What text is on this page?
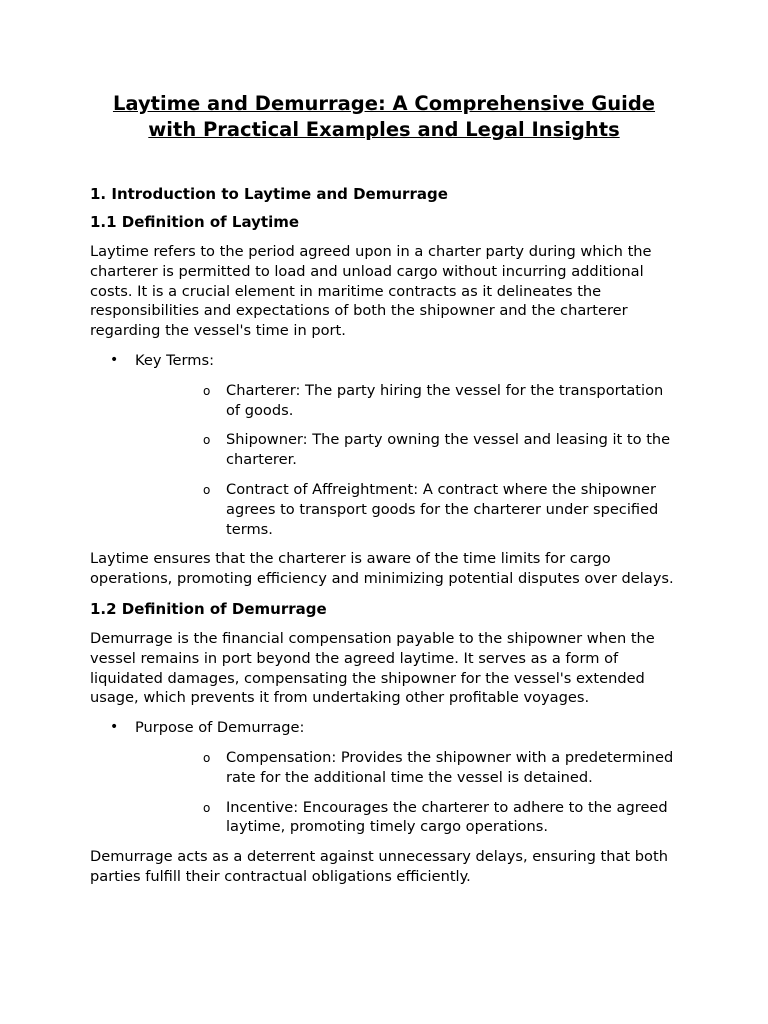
Laytime and Demurrage: A Comprehensive Guide with Practical Examples and Legal Insights
1. Introduction to Laytime and Demurrage
1.1 Definition of Laytime

Laytime refers to the period agreed upon in a charter party during which the charterer is permitted to load and unload cargo without incurring additional costs. It is a crucial element in maritime contracts as it delineates the responsibilities and expectations of both the shipowner and the charterer regarding the vessel's time in port.

• Key Terms:
o Charterer: The party hiring the vessel for the transportation of goods.
o Shipowner: The party owning the vessel and leasing it to the charterer.
o Contract of Affreightment: A contract where the shipowner agrees to transport goods for the charterer under specified terms.

Laytime ensures that the charterer is aware of the time limits for cargo operations, promoting efficiency and minimizing potential disputes over delays.

1.2 Definition of Demurrage

Demurrage is the financial compensation payable to the shipowner when the vessel remains in port beyond the agreed laytime. It serves as a form of liquidated damages, compensating the shipowner for the vessel's extended usage, which prevents it from undertaking other profitable voyages.

• Purpose of Demurrage:
o Compensation: Provides the shipowner with a predetermined rate for the additional time the vessel is detained.
o Incentive: Encourages the charterer to adhere to the agreed laytime, promoting timely cargo operations.

Demurrage acts as a deterrent against unnecessary delays, ensuring that both parties fulfill their contractual obligations efficiently.
